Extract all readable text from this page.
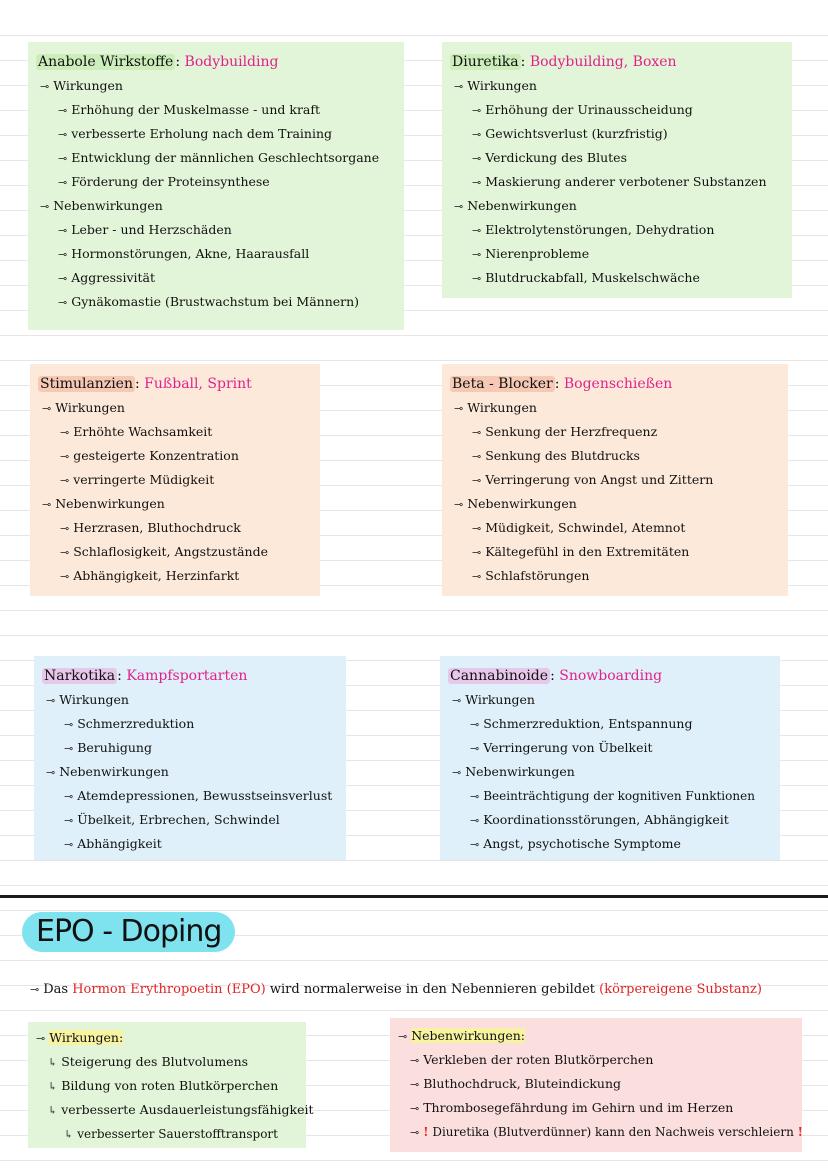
Anabole Wirkstoffe : Bodybuilding
⊸ Wirkungen
⊸ Erhöhung der Muskelmasse - und kraft
⊸ verbesserte Erholung nach dem Training
⊸ Entwicklung der männlichen Geschlechtsorgane
⊸ Förderung der Proteinsynthese
⊸ Nebenwirkungen
⊸ Leber - und Herzschäden
⊸ Hormonstörungen, Akne, Haarausfall
⊸ Aggressivität
⊸ Gynäkomastie (Brustwachstum bei Männern)
Diuretika : Bodybuilding, Boxen
⊸ Wirkungen
⊸ Erhöhung der Urinausscheidung
⊸ Gewichtsverlust (kurzfristig)
⊸ Verdickung des Blutes
⊸ Maskierung anderer verbotener Substanzen
⊸ Nebenwirkungen
⊸ Elektrolytenstörungen, Dehydration
⊸ Nierenprobleme
⊸ Blutdruckabfall, Muskelschwäche
Stimulanzien : Fußball, Sprint
⊸ Wirkungen
⊸ Erhöhte Wachsamkeit
⊸ gesteigerte Konzentration
⊸ verringerte Müdigkeit
⊸ Nebenwirkungen
⊸ Herzrasen, Bluthochdruck
⊸ Schlaflosigkeit, Angstzustände
⊸ Abhängigkeit, Herzinfarkt
Beta - Blocker : Bogenschießen
⊸ Wirkungen
⊸ Senkung der Herzfrequenz
⊸ Senkung des Blutdrucks
⊸ Verringerung von Angst und Zittern
⊸ Nebenwirkungen
⊸ Müdigkeit, Schwindel, Atemnot
⊸ Kältegefühl in den Extremitäten
⊸ Schlafstörungen
Narkotika : Kampfsportarten
⊸ Wirkungen
⊸ Schmerzreduktion
⊸ Beruhigung
⊸ Nebenwirkungen
⊸ Atemdepressionen, Bewusstseinsverlust
⊸ Übelkeit, Erbrechen, Schwindel
⊸ Abhängigkeit
Cannabinoide : Snowboarding
⊸ Wirkungen
⊸ Schmerzreduktion, Entspannung
⊸ Verringerung von Übelkeit
⊸ Nebenwirkungen
⊸ Beeinträchtigung der kognitiven Funktionen
⊸ Koordinationsstörungen, Abhängigkeit
⊸ Angst, psychotische Symptome
EPO - Doping
⊸ Das Hormon Erythropoetin (EPO) wird normalerweise in den Nebennieren gebildet (körpereigene Substanz)
⊸ Wirkungen:
↳ Steigerung des Blutvolumens
↳ Bildung von roten Blutkörperchen
↳ verbesserte Ausdauerleistungsfähigkeit
↳ verbesserter Sauerstofftransport
⊸ Nebenwirkungen:
⊸ Verkleben der roten Blutkörperchen
⊸ Bluthochdruck, Bluteindickung
⊸ Thrombosegefährdung im Gehirn und im Herzen
⊸ ! Diuretika (Blutverdünner) kann den Nachweis verschleiern !
